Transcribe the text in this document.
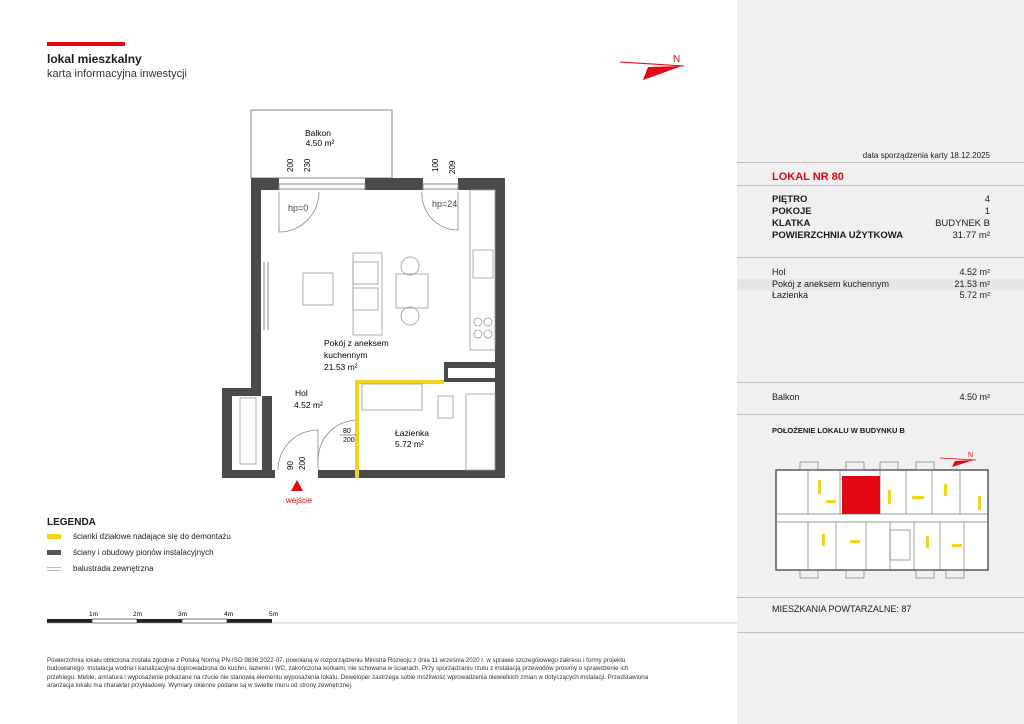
lokal mieszkalny
karta informacyjna inwestycji
N
Balkon
4.50 m²
200 230	100 209
hp=0	hp=24
Pokój z aneksem
kuchennym
21.53 m²
Hol
4.52 m²
Łazienka
5.72 m²
80
200
90 200
wejście
LEGENDA
ścianki działowe nadające się do demontażu
ściany i obudowy pionów instalacyjnych
balustrada zewnętrzna
1m	2m	3m	4m	5m
Powierzchnia lokalu obliczona została zgodnie z Polską Normą PN-ISO 9836:2022-07, powołaną w rozporządzeniu Ministra Rozwoju z dnia 11 września 2020 r. w sprawie szczegółowego zakresu i formy projektu budowlanego. Instalacja wodna i kanalizacyjna doprowadzona do kuchni, łazienki i WC, zakończona korkami, nie schowana w ścianach. Przy sporządzaniu rzutu z instalacją przewodów prosimy o sprawdzenie ich przebiegu. Meble, armatura i wyposażenie pokazane na rzucie nie stanowią elementu wyposażenia lokalu. Deweloper zastrzega sobie możliwość wprowadzenia niewielkich zmian w dotyczących instalacji. Przedstawiona aranżacja lokalu ma charakter przykładowy. Wymiary okienne podane są w świetle muru od strony zewnętrznej.
data sporządzenia karty 18.12.2025
LOKAL NR 80
PIĘTRO	4
POKOJE	1
KLATKA	BUDYNEK B
POWIERZCHNIA UŻYTKOWA	31.77 m²
Hol	4.52 m²
Pokój z aneksem kuchennym	21.53 m²
Łazienka	5.72 m²
Balkon	4.50 m²
POŁOŻENIE LOKALU W BUDYNKU B
N
MIESZKANIA POWTARZALNE: 87
